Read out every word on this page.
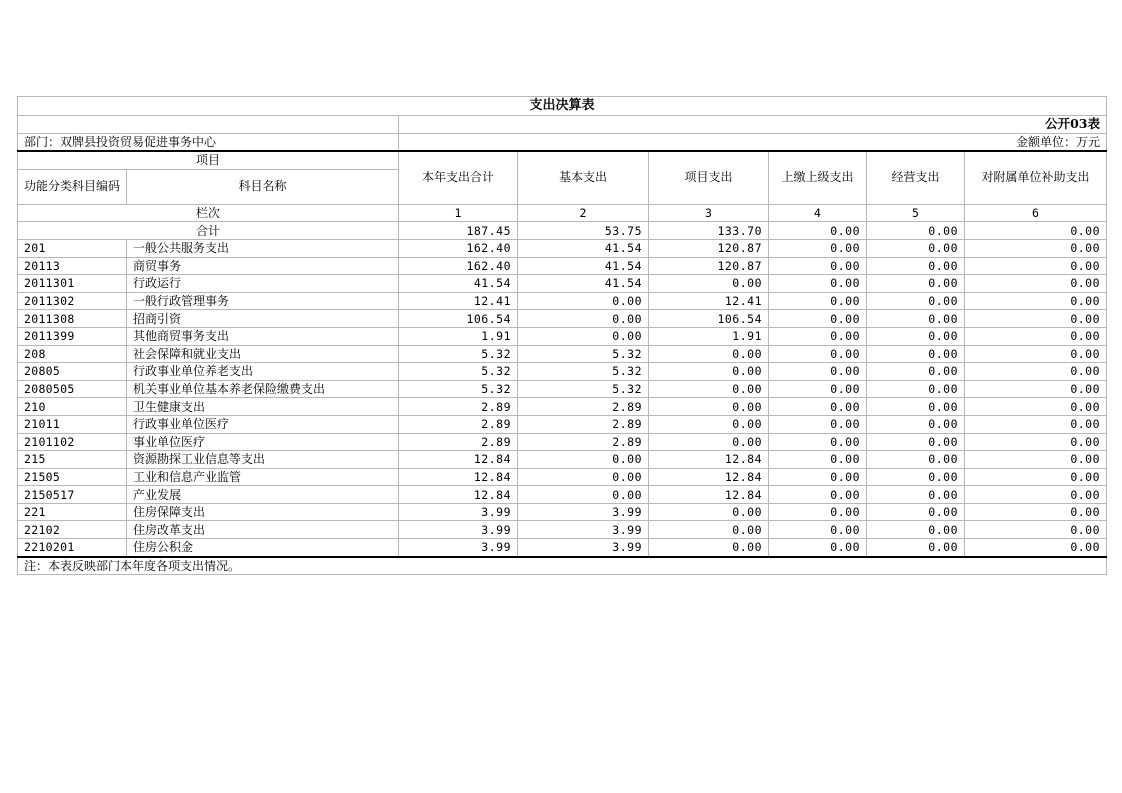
支出决算表							
		公开03表					
部门：双牌县投资贸易促进事务中心		金额单位：万元					
项目		本年支出合计	基本支出	项目支出	上缴上级支出	经营支出	对附属单位补助支出
功能分类科目编码	科目名称						
栏次		1	2	3	4	5	6
合计		187.45	53.75	133.70	0.00	0.00	0.00
201	一般公共服务支出	162.40	41.54	120.87	0.00	0.00	0.00
20113	商贸事务	162.40	41.54	120.87	0.00	0.00	0.00
2011301	行政运行	41.54	41.54	0.00	0.00	0.00	0.00
2011302	一般行政管理事务	12.41	0.00	12.41	0.00	0.00	0.00
2011308	招商引资	106.54	0.00	106.54	0.00	0.00	0.00
2011399	其他商贸事务支出	1.91	0.00	1.91	0.00	0.00	0.00
208	社会保障和就业支出	5.32	5.32	0.00	0.00	0.00	0.00
20805	行政事业单位养老支出	5.32	5.32	0.00	0.00	0.00	0.00
2080505	机关事业单位基本养老保险缴费支出	5.32	5.32	0.00	0.00	0.00	0.00
210	卫生健康支出	2.89	2.89	0.00	0.00	0.00	0.00
21011	行政事业单位医疗	2.89	2.89	0.00	0.00	0.00	0.00
2101102	事业单位医疗	2.89	2.89	0.00	0.00	0.00	0.00
215	资源勘探工业信息等支出	12.84	0.00	12.84	0.00	0.00	0.00
21505	工业和信息产业监管	12.84	0.00	12.84	0.00	0.00	0.00
2150517	产业发展	12.84	0.00	12.84	0.00	0.00	0.00
221	住房保障支出	3.99	3.99	0.00	0.00	0.00	0.00
22102	住房改革支出	3.99	3.99	0.00	0.00	0.00	0.00
2210201	住房公积金	3.99	3.99	0.00	0.00	0.00	0.00
注：本表反映部门本年度各项支出情况。							
